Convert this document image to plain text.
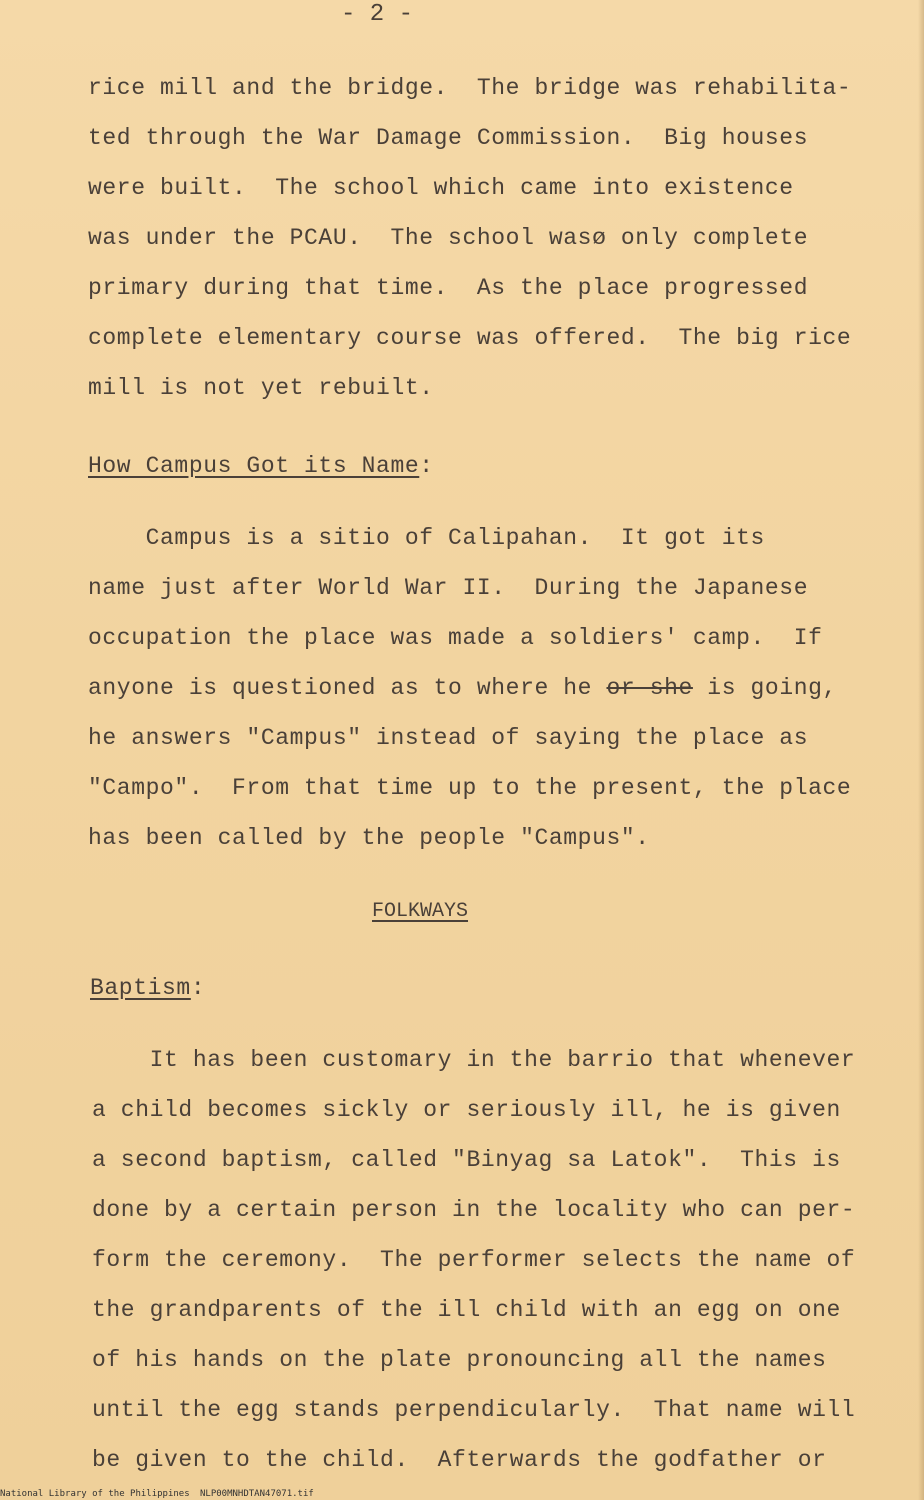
- 2 -
rice mill and the bridge.  The bridge was rehabilita-
ted through the War Damage Commission.  Big houses
were built.  The school which came into existence
was under the PCAU.  The school wasø only complete
primary during that time.  As the place progressed
complete elementary course was offered.  The big rice
mill is not yet rebuilt.
How Campus Got its Name:
Campus is a sitio of Calipahan.  It got its
name just after World War II.  During the Japanese
occupation the place was made a soldiers' camp.  If
anyone is questioned as to where he or she is going,
he answers "Campus" instead of saying the place as
"Campo".  From that time up to the present, the place
has been called by the people "Campus".
FOLKWAYS
Baptism:
It has been customary in the barrio that whenever
a child becomes sickly or seriously ill, he is given
a second baptism, called "Binyag sa Latok".  This is
done by a certain person in the locality who can per-
form the ceremony.  The performer selects the name of
the grandparents of the ill child with an egg on one
of his hands on the plate pronouncing all the names
until the egg stands perpendicularly.  That name will
be given to the child.  Afterwards the godfather or
National Library of the Philippines NLP00MNHDTAN47071.tif
